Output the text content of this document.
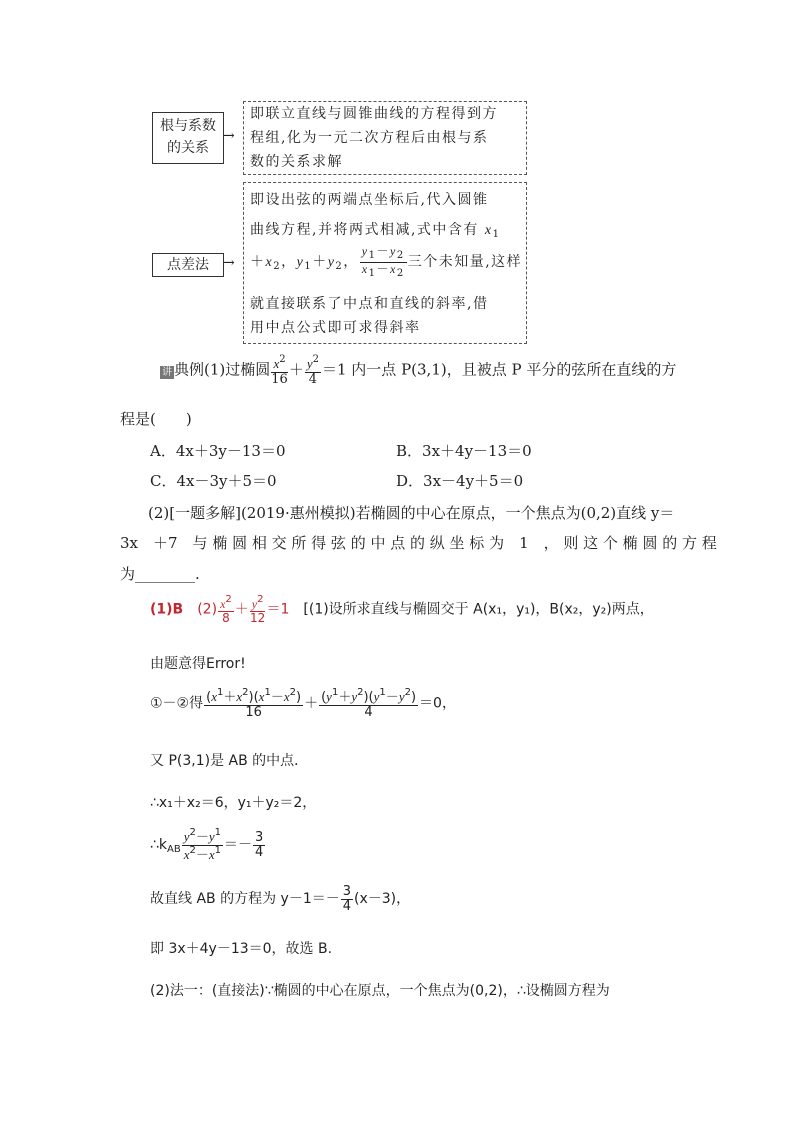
根与系数
的关系
→
即联立直线与圆锥曲线的方程得到方
程组,化为一元二次方程后由根与系
数的关系求解
点差法	→
即设出弦的两端点坐标后,代入圆锥
曲线方程,并将两式相减,式中含有 $x_1$
$+x_2$，$y_1+y_2$， $\frac{y_1-y_2}{x_1-x_2}$ 三个未知量,这样
就直接联系了中点和直线的斜率,借
用中点公式即可求得斜率
讲 典例(1)过椭圆 $\frac{x^2}{16} + \frac{y^2}{4} =1$ 内一点 P(3,1)，且被点 P 平分的弦所在直线的方
程是(　　)
A．4x＋3y－13＝0	B．3x＋4y－13＝0
C．4x－3y＋5＝0	D．3x－4y＋5＝0
(2)[一题多解](2019·惠州模拟)若椭圆的中心在原点，一个焦点为(0,2)直线 y＝
3x　＋7　与 椭 圆 相 交 所 得 弦 的 中 点 的 纵 坐 标 为　1　， 则 这 个 椭 圆 的 方 程
为________.
(1)B　 $(2) \frac{x^2}{8} + \frac{y^2}{12} =1$　 [(1)设所求直线与椭圆交于 A(x₁，y₁)，B(x₂，y₂)两点，
由题意得Error!
①－②得 $\frac{(x^1+x^2)(x^1-x^2)}{16} + \frac{(y^1+y^2)(y^1-y^2)}{4} =0$，
又 P(3,1)是 AB 的中点．
∴x₁＋x₂＝6，y₁＋y₂＝2，
$\therefore k_{AB} \frac{y^2-y^1}{x^2-x^1} =- \frac{3}{4}$
故直线 AB 的方程为 $y-1=- \frac{3}{4} (x-3)$，
即 3x＋4y－13＝0，故选 B.
(2)法一：(直接法)∵椭圆的中心在原点，一个焦点为(0,2)，∴设椭圆方程为
